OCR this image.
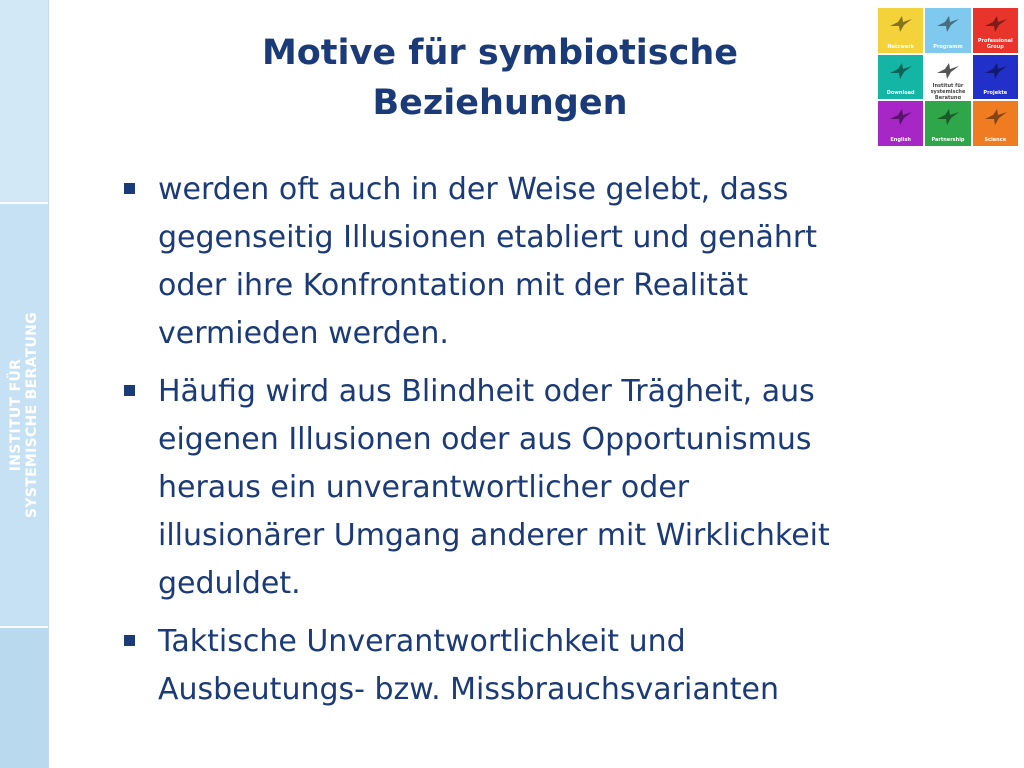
INSTITUT FÜR SYSTEMISCHE BERATUNG
Motive für symbiotische
Beziehungen
Netzwerk	Programm
Professional Group
Download
Institut für systemische Beratung
Projekte
English	Partnership	Science
werden oft auch in der Weise gelebt, dass
gegenseitig Illusionen etabliert und genährt
oder ihre Konfrontation mit der Realität
vermieden werden.
Häufig wird aus Blindheit oder Trägheit, aus
eigenen Illusionen oder aus Opportunismus
heraus ein unverantwortlicher oder
illusionärer Umgang anderer mit Wirklichkeit
geduldet.
Taktische Unverantwortlichkeit und
Ausbeutungs- bzw. Missbrauchsvarianten
